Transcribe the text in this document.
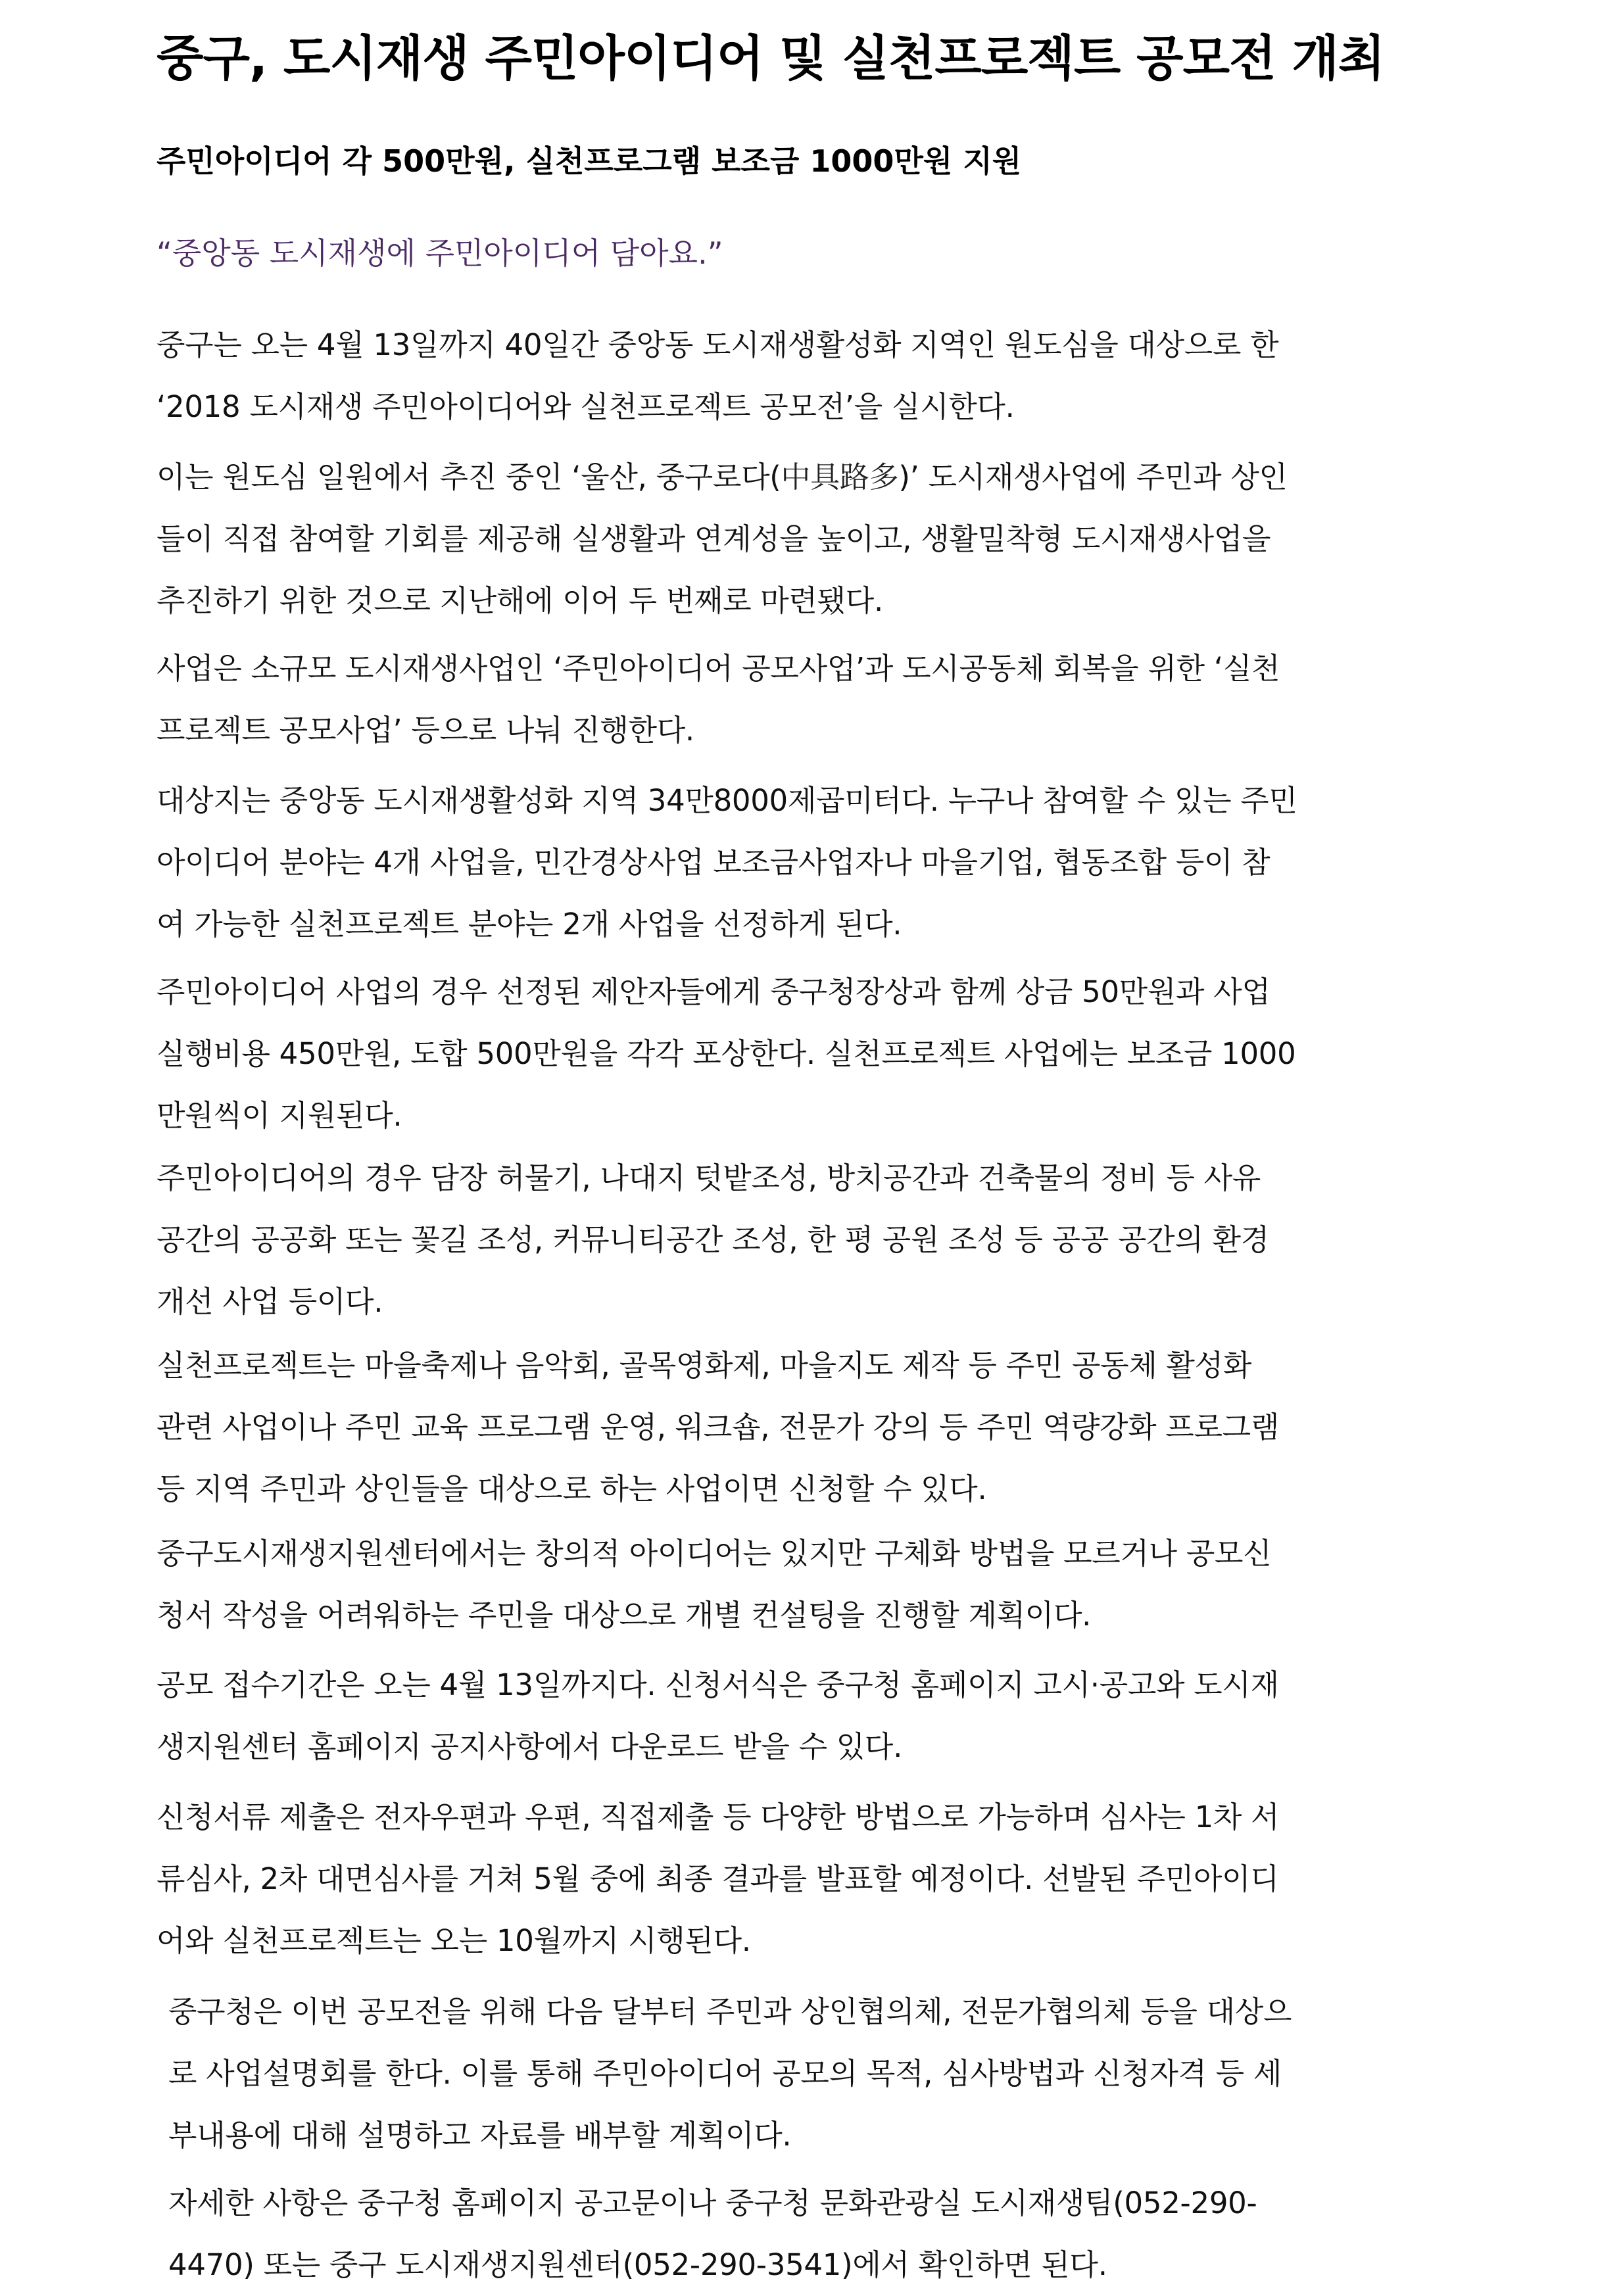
중구, 도시재생 주민아이디어 및 실천프로젝트 공모전 개최
주민아이디어 각 500만원, 실천프로그램 보조금 1000만원 지원

“중앙동 도시재생에 주민아이디어 담아요.”

중구는 오는 4월 13일까지 40일간 중앙동 도시재생활성화 지역인 원도심을 대상으로 한
‘2018 도시재생 주민아이디어와 실천프로젝트 공모전’을 실시한다.

이는 원도심 일원에서 추진 중인 ‘울산, 중구로다(中具路多)’ 도시재생사업에 주민과 상인
들이 직접 참여할 기회를 제공해 실생활과 연계성을 높이고, 생활밀착형 도시재생사업을
추진하기 위한 것으로 지난해에 이어 두 번째로 마련됐다.

사업은 소규모 도시재생사업인 ‘주민아이디어 공모사업’과 도시공동체 회복을 위한 ‘실천
프로젝트 공모사업’ 등으로 나눠 진행한다.

대상지는 중앙동 도시재생활성화 지역 34만8000제곱미터다. 누구나 참여할 수 있는 주민
아이디어 분야는 4개 사업을, 민간경상사업 보조금사업자나 마을기업, 협동조합 등이 참
여 가능한 실천프로젝트 분야는 2개 사업을 선정하게 된다.

주민아이디어 사업의 경우 선정된 제안자들에게 중구청장상과 함께 상금 50만원과 사업
실행비용 450만원, 도합 500만원을 각각 포상한다. 실천프로젝트 사업에는 보조금 1000
만원씩이 지원된다.

주민아이디어의 경우 담장 허물기, 나대지 텃밭조성, 방치공간과 건축물의 정비 등 사유
공간의 공공화 또는 꽃길 조성, 커뮤니티공간 조성, 한 평 공원 조성 등 공공 공간의 환경
개선 사업 등이다.

실천프로젝트는 마을축제나 음악회, 골목영화제, 마을지도 제작 등 주민 공동체 활성화
관련 사업이나 주민 교육 프로그램 운영, 워크숍, 전문가 강의 등 주민 역량강화 프로그램
등 지역 주민과 상인들을 대상으로 하는 사업이면 신청할 수 있다.

중구도시재생지원센터에서는 창의적 아이디어는 있지만 구체화 방법을 모르거나 공모신
청서 작성을 어려워하는 주민을 대상으로 개별 컨설팅을 진행할 계획이다.

공모 접수기간은 오는 4월 13일까지다. 신청서식은 중구청 홈페이지 고시·공고와 도시재
생지원센터 홈페이지 공지사항에서 다운로드 받을 수 있다.

신청서류 제출은 전자우편과 우편, 직접제출 등 다양한 방법으로 가능하며 심사는 1차 서
류심사, 2차 대면심사를 거쳐 5월 중에 최종 결과를 발표할 예정이다. 선발된 주민아이디
어와 실천프로젝트는 오는 10월까지 시행된다.

중구청은 이번 공모전을 위해 다음 달부터 주민과 상인협의체, 전문가협의체 등을 대상으
로 사업설명회를 한다. 이를 통해 주민아이디어 공모의 목적, 심사방법과 신청자격 등 세
부내용에 대해 설명하고 자료를 배부할 계획이다.

자세한 사항은 중구청 홈페이지 공고문이나 중구청 문화관광실 도시재생팀(052-290-
4470) 또는 중구 도시재생지원센터(052-290-3541)에서 확인하면 된다.
